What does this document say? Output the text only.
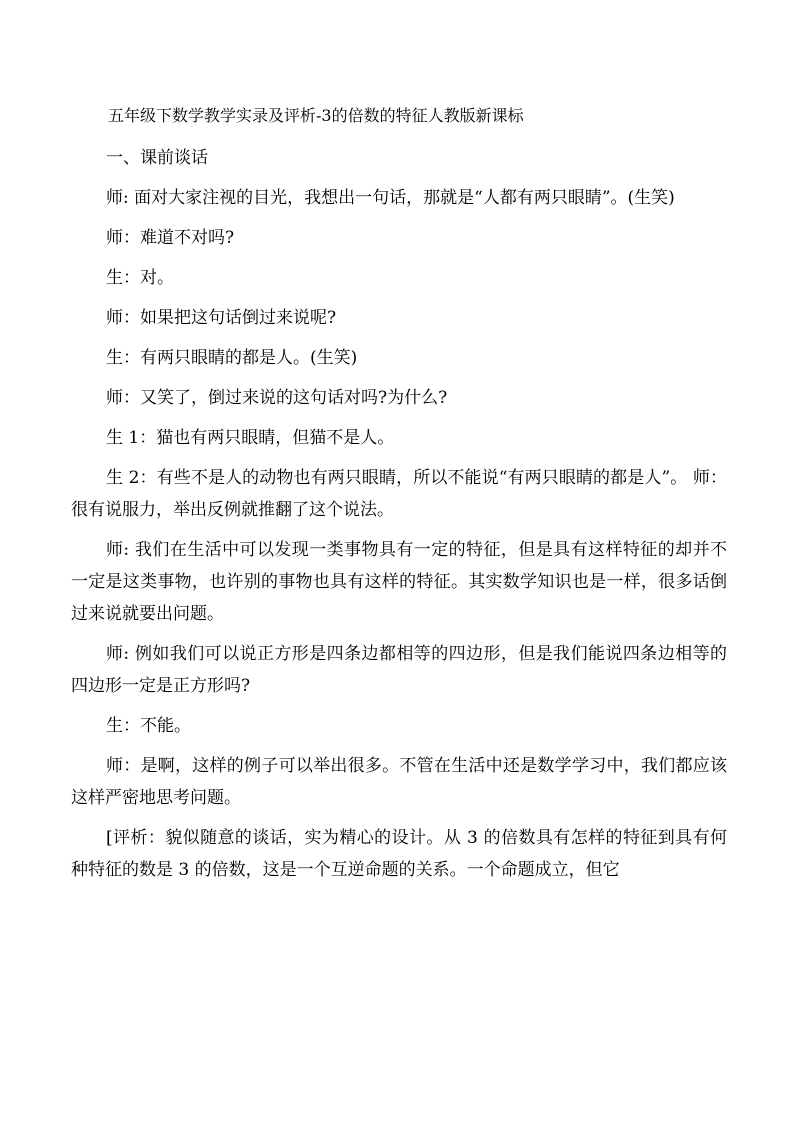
五年级下数学教学实录及评析-3的倍数的特征人教版新课标

一、课前谈话

师: 面对大家注视的目光，我想出一句话，那就是“人都有两只眼睛”。(生笑)

师：难道不对吗?

生：对。

师：如果把这句话倒过来说呢?

生：有两只眼睛的都是人。(生笑)

师：又笑了，倒过来说的这句话对吗?为什么?

生 1：猫也有两只眼睛，但猫不是人。

生 2：有些不是人的动物也有两只眼睛，所以不能说“有两只眼睛的都是人”。 师：很有说服力，举出反例就推翻了这个说法。

师: 我们在生活中可以发现一类事物具有一定的特征，但是具有这样特征的却并不一定是这类事物，也许别的事物也具有这样的特征。其实数学知识也是一样，很多话倒过来说就要出问题。

师: 例如我们可以说正方形是四条边都相等的四边形，但是我们能说四条边相等的四边形一定是正方形吗?

生：不能。

师：是啊，这样的例子可以举出很多。不管在生活中还是数学学习中，我们都应该这样严密地思考问题。

[评析：貌似随意的谈话，实为精心的设计。从 3 的倍数具有怎样的特征到具有何种特征的数是 3 的倍数，这是一个互逆命题的关系。一个命题成立，但它
